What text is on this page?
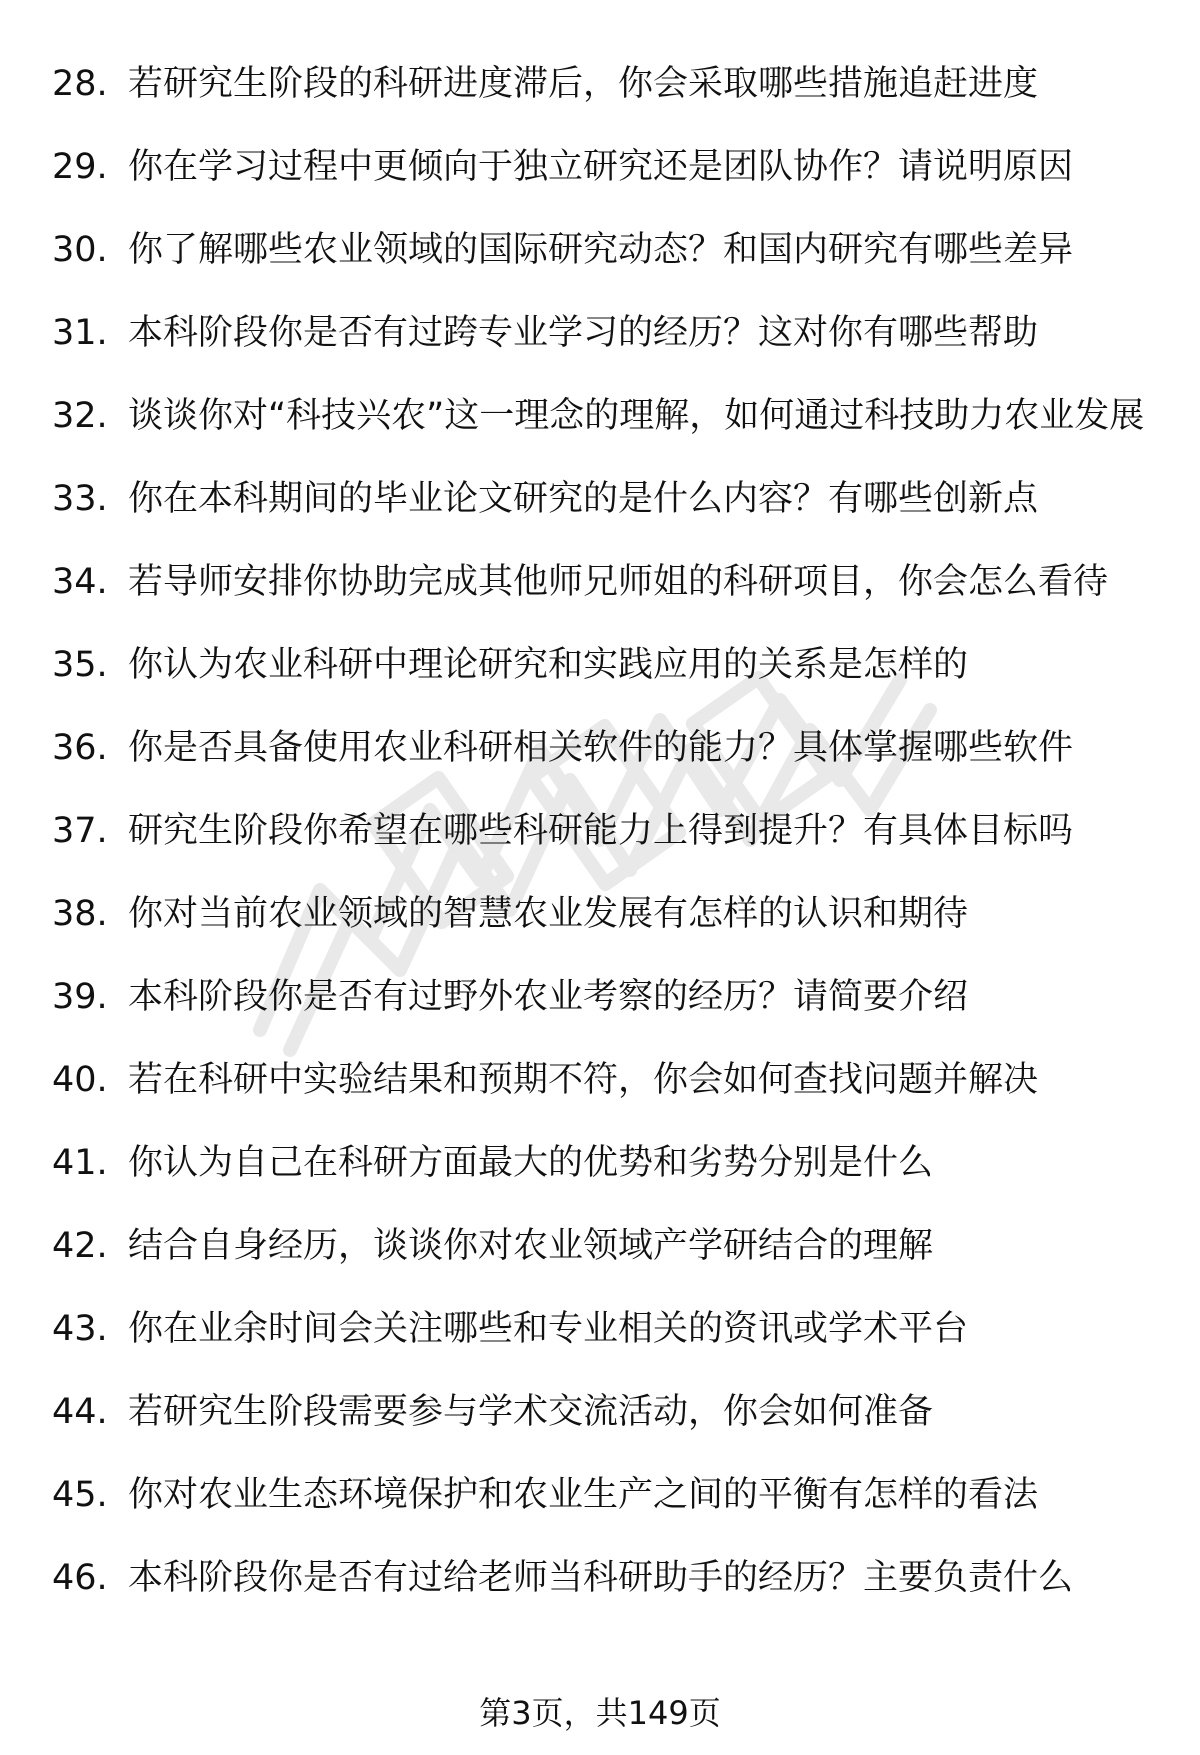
28. 若研究生阶段的科研进度滞后，你会采取哪些措施追赶进度
29. 你在学习过程中更倾向于独立研究还是团队协作？请说明原因
30. 你了解哪些农业领域的国际研究动态？和国内研究有哪些差异
31. 本科阶段你是否有过跨专业学习的经历？这对你有哪些帮助
32. 谈谈你对“科技兴农”这一理念的理解，如何通过科技助力农业发展
33. 你在本科期间的毕业论文研究的是什么内容？有哪些创新点
34. 若导师安排你协助完成其他师兄师姐的科研项目，你会怎么看待
35. 你认为农业科研中理论研究和实践应用的关系是怎样的
36. 你是否具备使用农业科研相关软件的能力？具体掌握哪些软件
37. 研究生阶段你希望在哪些科研能力上得到提升？有具体目标吗
38. 你对当前农业领域的智慧农业发展有怎样的认识和期待
39. 本科阶段你是否有过野外农业考察的经历？请简要介绍
40. 若在科研中实验结果和预期不符，你会如何查找问题并解决
41. 你认为自己在科研方面最大的优势和劣势分别是什么
42. 结合自身经历，谈谈你对农业领域产学研结合的理解
43. 你在业余时间会关注哪些和专业相关的资讯或学术平台
44. 若研究生阶段需要参与学术交流活动，你会如何准备
45. 你对农业生态环境保护和农业生产之间的平衡有怎样的看法
46. 本科阶段你是否有过给老师当科研助手的经历？主要负责什么
第3页，共149页
